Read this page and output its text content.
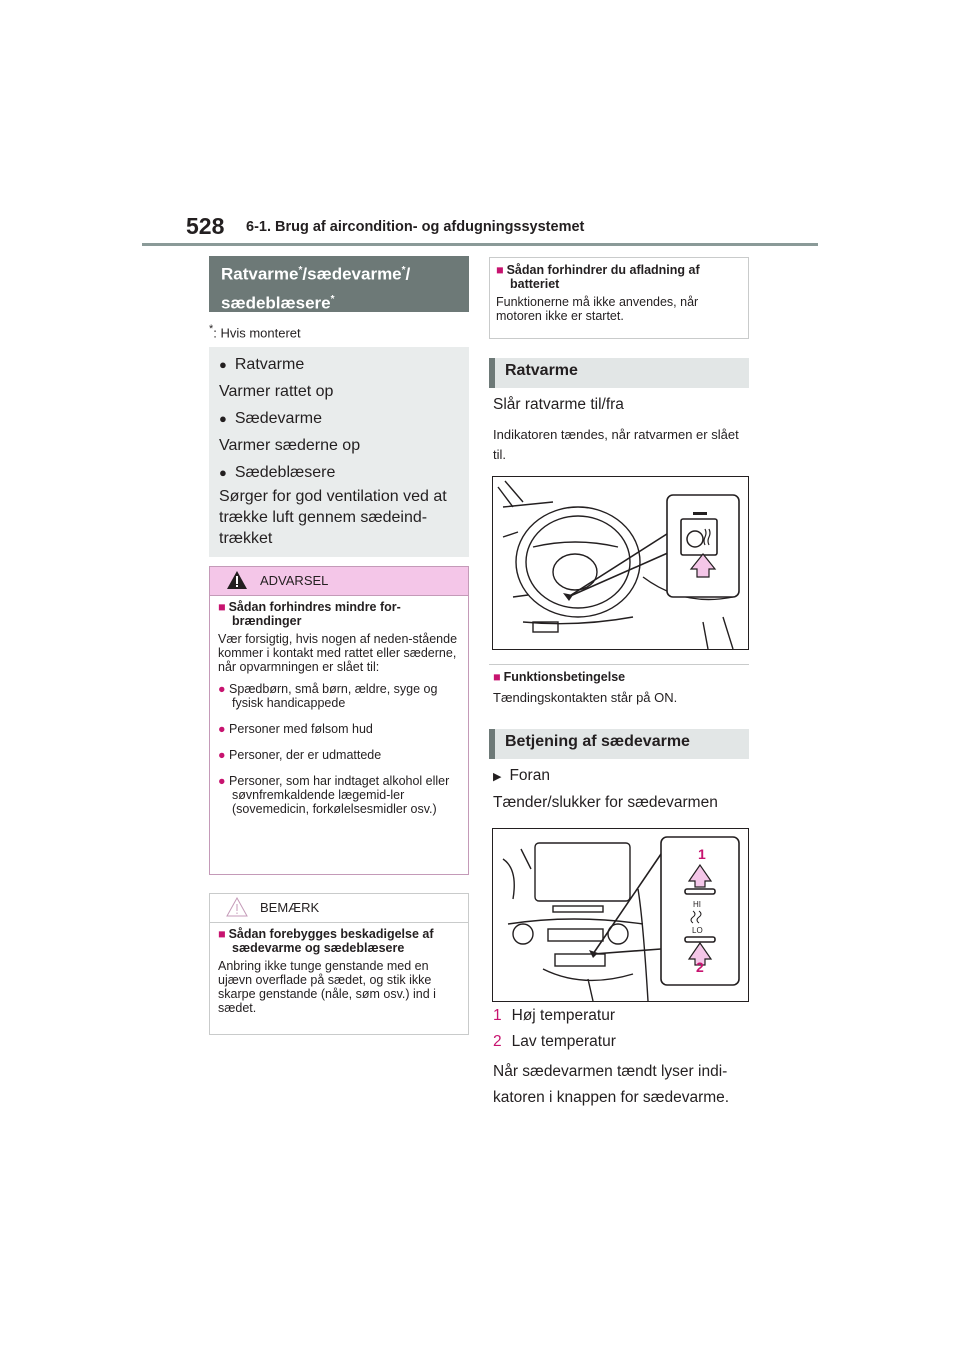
528 6-1. Brug af aircondition- og afdugningssystemet
Ratvarme*/sædevarme*/
sædeblæsere*
*: Hvis monteret
● Ratvarme
Varmer rattet op
● Sædevarme
Varmer sæderne op
● Sædeblæsere
Sørger for god ventilation ved at trække luft gennem sædeind-trækket
ADVARSEL
■ Sådan forhindres mindre for-brændinger
Vær forsigtig, hvis nogen af neden-stående kommer i kontakt med rattet eller sæderne, når opvarmningen er slået til:
● Spædbørn, små børn, ældre, syge og fysisk handicappede
● Personer med følsom hud
● Personer, der er udmattede
● Personer, som har indtaget alkohol eller søvnfremkaldende lægemid-ler (sovemedicin, forkølelsesmidler osv.)
BEMÆRK
■ Sådan forebygges beskadigelse af sædevarme og sædeblæsere
Anbring ikke tunge genstande med en ujævn overflade på sædet, og stik ikke skarpe genstande (nåle, søm osv.) ind i sædet.
■ Sådan forhindrer du afladning af batteriet
Funktionerne må ikke anvendes, når motoren ikke er startet.
Ratvarme
Slår ratvarme til/fra
Indikatoren tændes, når ratvarmen er slået til.
■ Funktionsbetingelse
Tændingskontakten står på ON.
Betjening af sædevarme
▶ Foran
Tænder/slukker for sædevarmen
1
HI
LO
2
1 Høj temperatur
2 Lav temperatur
Når sædevarmen tændt lyser indi-katoren i knappen for sædevarme.
